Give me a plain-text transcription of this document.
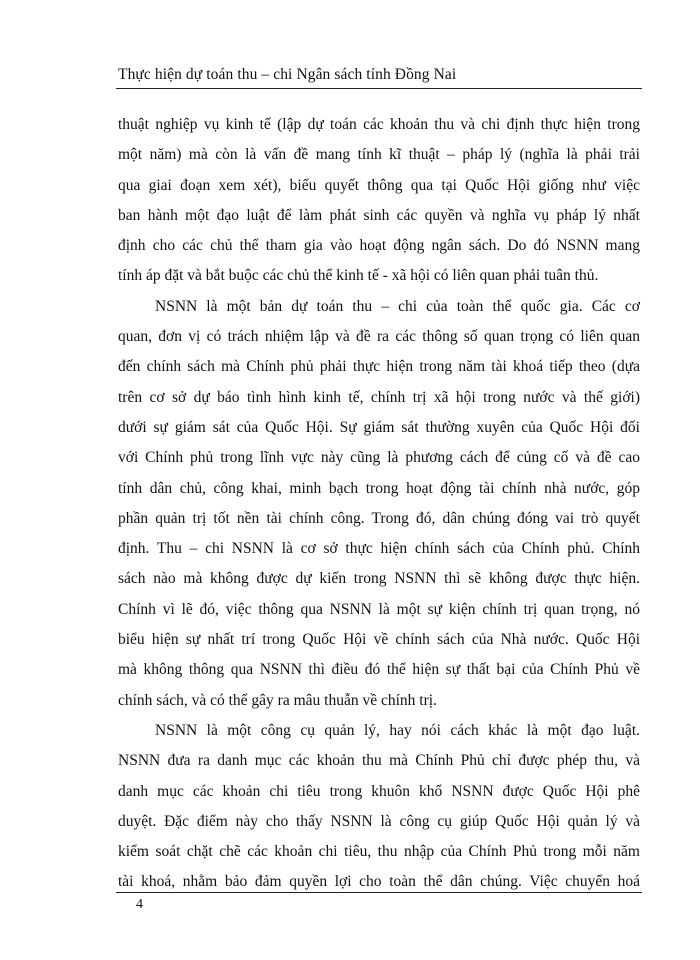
Thực hiện dự toán thu – chi Ngân sách tỉnh Đồng Nai
thuật nghiệp vụ kinh tế (lập dự toán các khoản thu và chi định thực hiện trong
một năm) mà còn là vấn đề mang tính kĩ thuật – pháp lý (nghĩa là phải trải
qua giai đoạn xem xét), biểu quyết thông qua tại Quốc Hội giống như việc
ban hành một đạo luật để làm phát sinh các quyền và nghĩa vụ pháp lý nhất
định cho các chủ thể tham gia vào hoạt động ngân sách. Do đó NSNN mang
tính áp đặt và bắt buộc các chủ thể kinh tế - xã hội có liên quan phải tuân thủ.
NSNN là một bản dự toán thu – chi của toàn thể quốc gia. Các cơ
quan, đơn vị có trách nhiệm lập và đề ra các thông số quan trọng có liên quan
đến chính sách mà Chính phủ phải thực hiện trong năm tài khoá tiếp theo (dựa
trên cơ sở dự báo tình hình kinh tế, chính trị xã hội trong nước và thế giới)
dưới sự giám sát của Quốc Hội. Sự giám sát thường xuyên của Quốc Hội đối
với Chính phủ trong lĩnh vực này cũng là phương cách để củng cố và đề cao
tính dân chủ, công khai, minh bạch trong hoạt động tài chính nhà nước, góp
phần quản trị tốt nền tài chính công. Trong đó, dân chúng đóng vai trò quyết
định. Thu – chi NSNN là cơ sở thực hiện chính sách của Chính phủ. Chính
sách nào mà không được dự kiến trong NSNN thì sẽ không được thực hiện.
Chính vì lẽ đó, việc thông qua NSNN là một sự kiện chính trị quan trọng, nó
biểu hiện sự nhất trí trong Quốc Hội về chính sách của Nhà nước. Quốc Hội
mà không thông qua NSNN thì điều đó thể hiện sự thất bại của Chính Phủ về
chính sách, và có thể gây ra mâu thuẫn về chính trị.
NSNN là một công cụ quản lý, hay nói cách khác là một đạo luật.
NSNN đưa ra danh mục các khoản thu mà Chính Phủ chỉ được phép thu, và
danh mục các khoản chi tiêu trong khuôn khổ NSNN được Quốc Hội phê
duyệt. Đặc điểm này cho thấy NSNN là công cụ giúp Quốc Hội quản lý và
kiểm soát chặt chẽ các khoản chi tiêu, thu nhập của Chính Phủ trong mỗi năm
tài khoá, nhằm bảo đảm quyền lợi cho toàn thể dân chúng. Việc chuyển hoá
4
